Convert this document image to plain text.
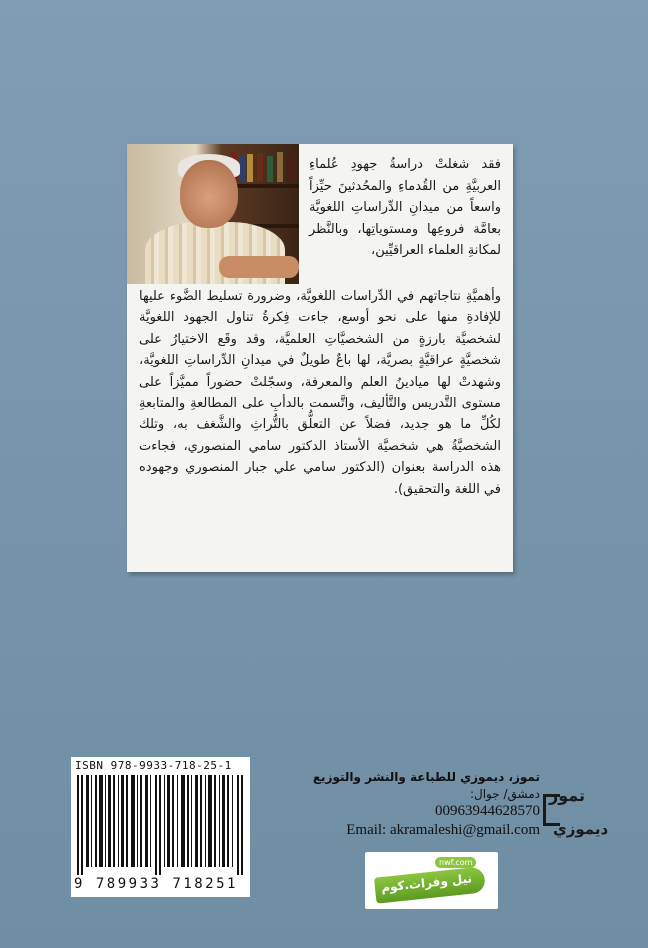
فقد شغلتْ دراسةُ جهودِ عُلماءِ العربيَّةِ من القُدماءِ والمحُدثينَ حيِّزاً واسعاً من ميدانِ الدِّراساتِ اللغويَّة بعامَّة فروعِها ومستوياتِها، وبالنَّظر لمكانةِ العلماء العراقيِّين،

وأهميَّةِ نتاجاتهم في الدِّراسات اللغويَّة، وضرورة تسليط الضَّوء عليها للإفادةِ منها على نحو أوسع، جاءت فِكرةُ تناول الجهود اللغويَّة لشخصيَّة بارزةٍ من الشخصيَّاتِ العلميَّة، وقد وقَع الاختيارُ على شخصيَّةٍ عراقيَّةٍ بصريَّة، لها باعٌ طويلٌ في ميدانِ الدِّراساتِ اللغويَّة، وشهدتْ لها ميادينُ العلم والمعرفة، وسجّلتْ حضوراً مميَّزاً على مستوى التَّدريس والتَّأليف، واتَّسمت بالدأبِ على المطالعةِ والمتابعةِ لكُلِّ ما هو جديد، فضلاً عن التعلُّق بالتُّراثِ والشَّغف به، وتلك الشخصيَّةُ هي شخصيَّة الأستاذ الدكتور سامي المنصوري، فجاءت هذه الدراسة بعنوان (الدكتور سامي علي جبار المنصوري وجهوده في اللغة والتحقيق).

ISBN 978-9933-718-25-1
9 789933 718251

تموز، ديموزي للطباعة والنشر والتوزيع

دمشق/ جوال:

00963944628570

Email: akramaleshi@gmail.com

تموز
ديموزي
نيل وفرات.كوم
nwf.com
